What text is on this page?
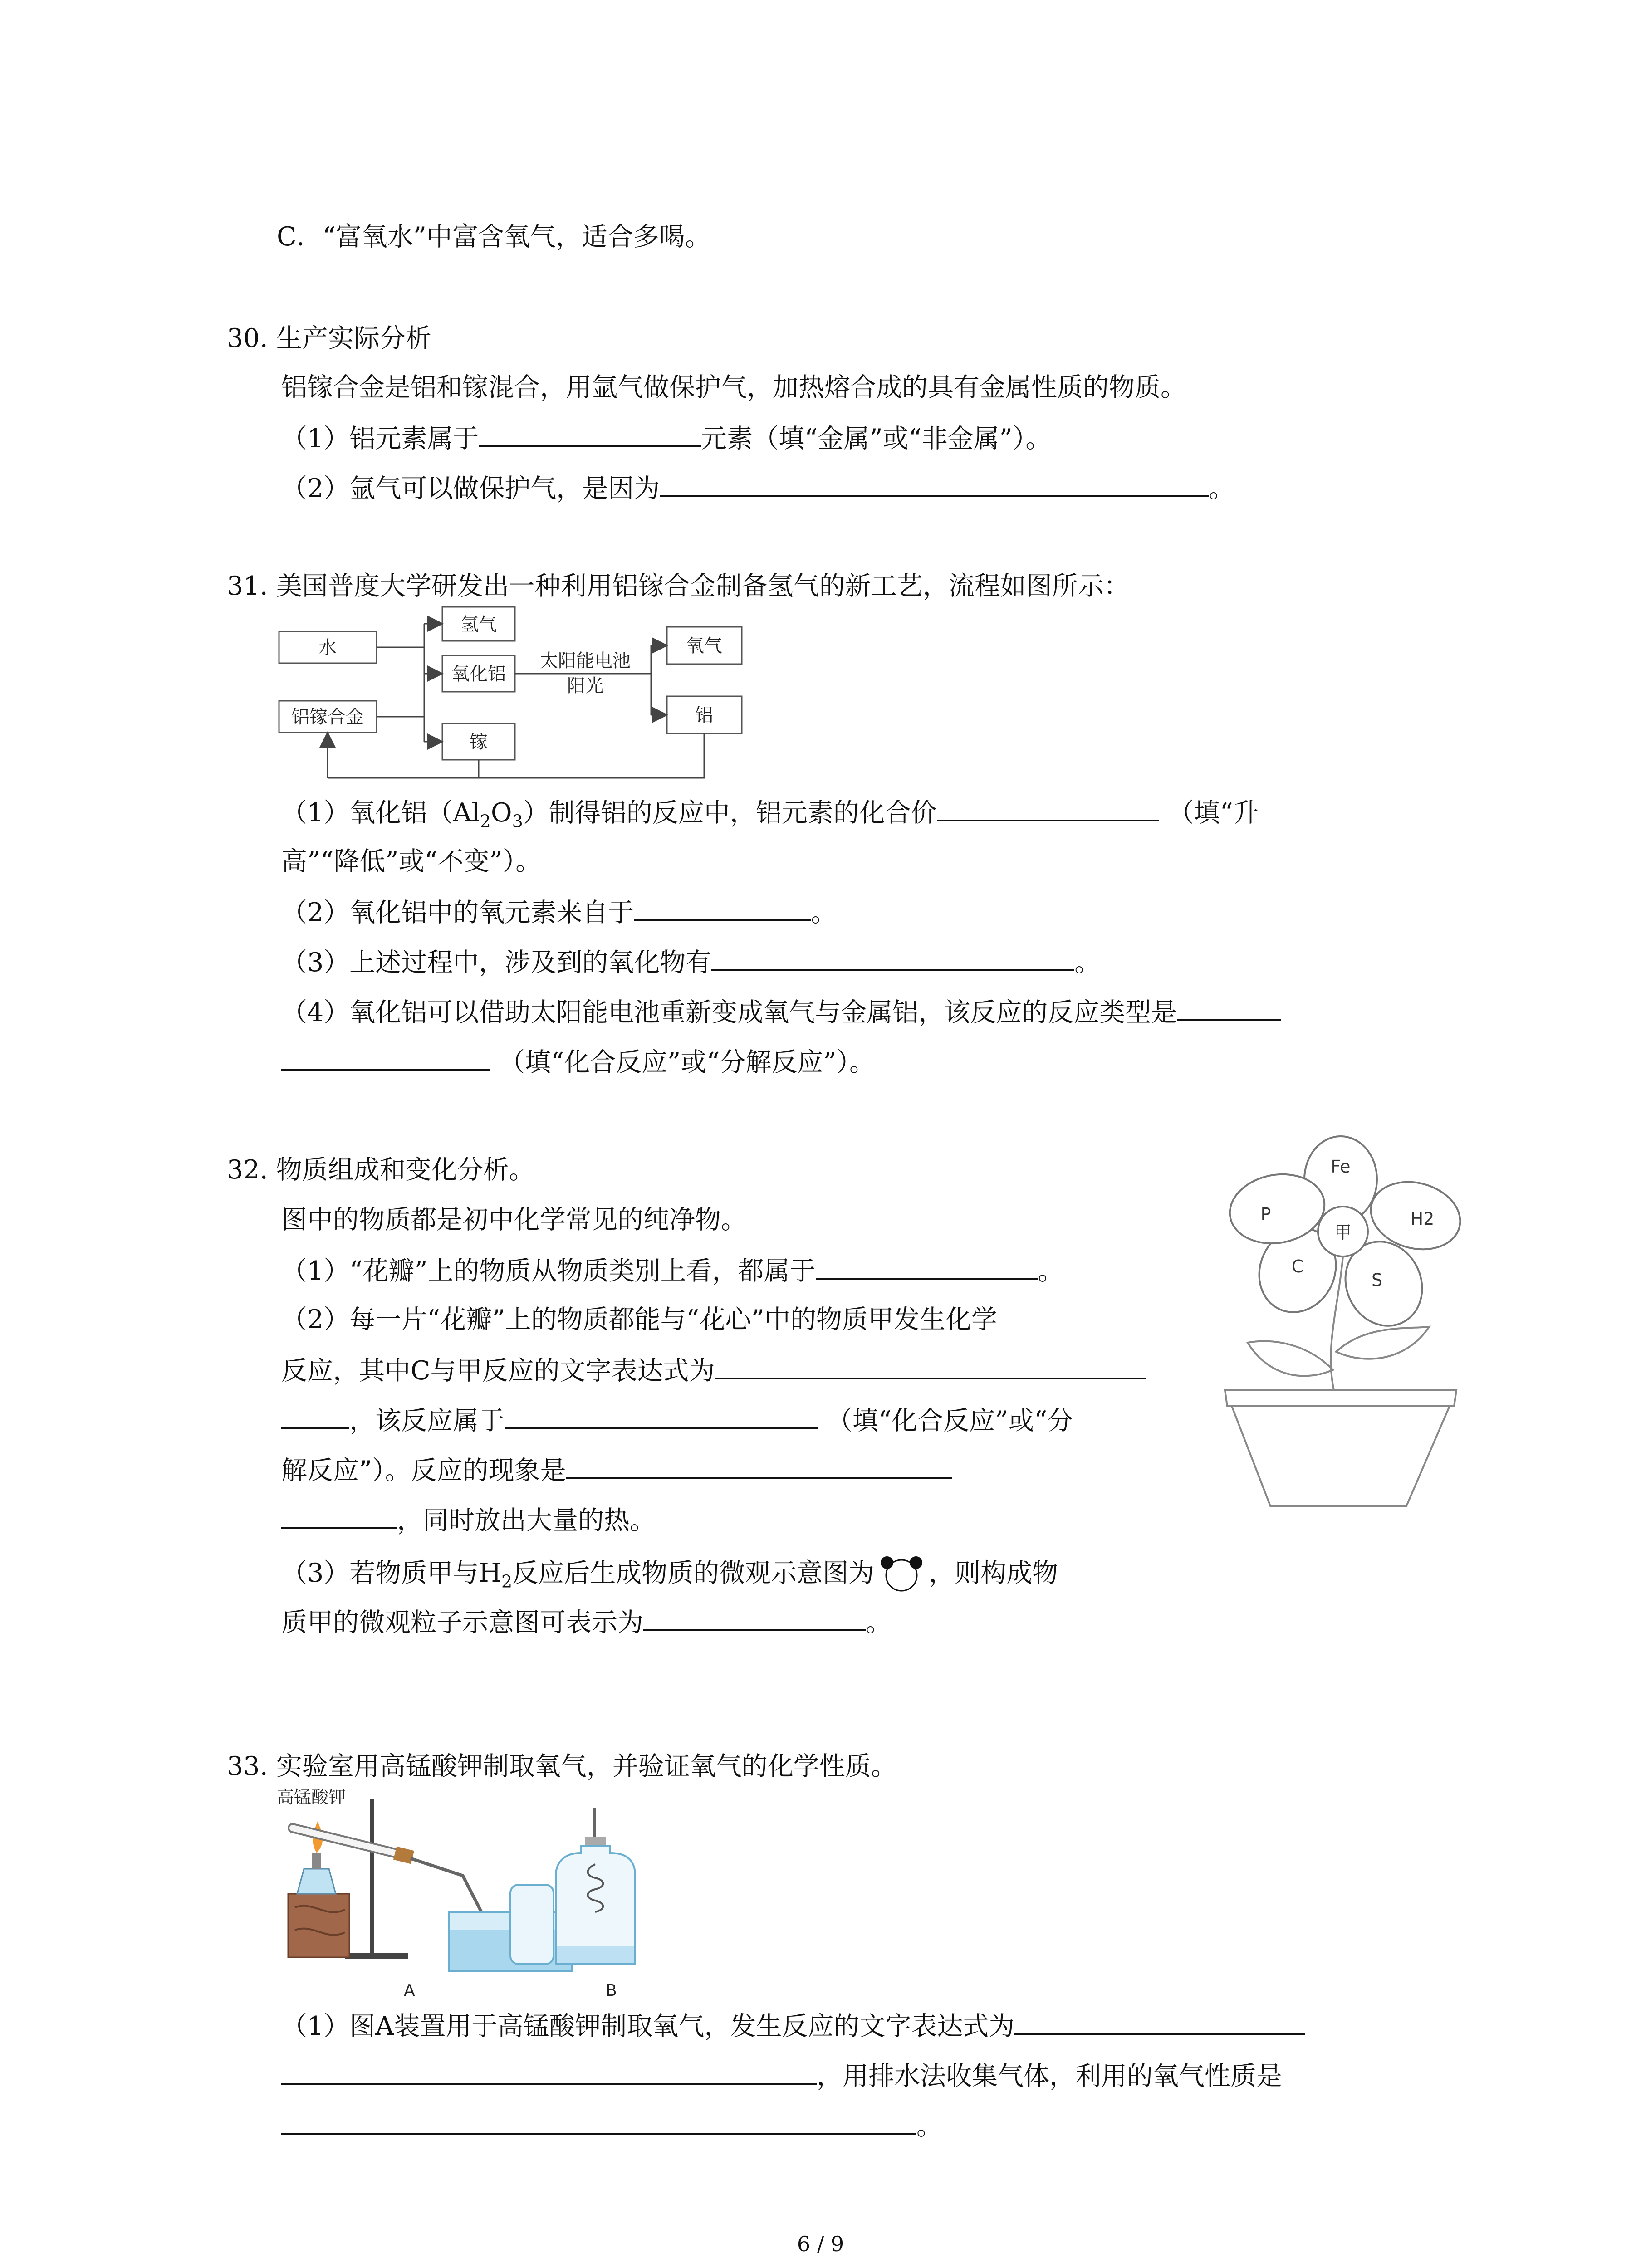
C．“富氧水”中富含氧气，适合多喝。
30. 生产实际分析
铝镓合金是铝和镓混合，用氩气做保护气，加热熔合成的具有金属性质的物质。
（1）铝元素属于	元素（填“金属”或“非金属”）。
（2）氩气可以做保护气，是因为	。
31. 美国普度大学研发出一种利用铝镓合金制备氢气的新工艺，流程如图所示：
水
铝镓合金
氢气
氧化铝
镓
氧气
铝
太阳能电池
阳光
（1）氧化铝$(Al_2O_3)$制得铝的反应中，铝元素的化合价	（填“升
高”“降低”或“不变”）。
（2）氧化铝中的氧元素来自于	。
（3）上述过程中，涉及到的氧化物有	。
（4）氧化铝可以借助太阳能电池重新变成氧气与金属铝，该反应的反应类型是
（填“化合反应”或“分解反应”）。
32. 物质组成和变化分析。
图中的物质都是初中化学常见的纯净物。
（1）“花瓣”上的物质从物质类别上看，都属于	。
（2）每一片“花瓣”上的物质都能与“花心”中的物质甲发生化学
反应，其中C与甲反应的文字表达式为
，该反应属于	（填“化合反应”或“分
解反应”）。反应的现象是
，同时放出大量的热。
（3）若物质甲与$H_2$反应后生成物质的微观示意图为 ，则构成物
质甲的微观粒子示意图可表示为	。
甲
Fe
H2
S
C
P
33. 实验室用高锰酸钾制取氧气，并验证氧气的化学性质。
高锰酸钾
A	B
（1）图A装置用于高锰酸钾制取氧气，发生反应的文字表达式为
，用排水法收集气体，利用的氧气性质是
。
6 / 9
